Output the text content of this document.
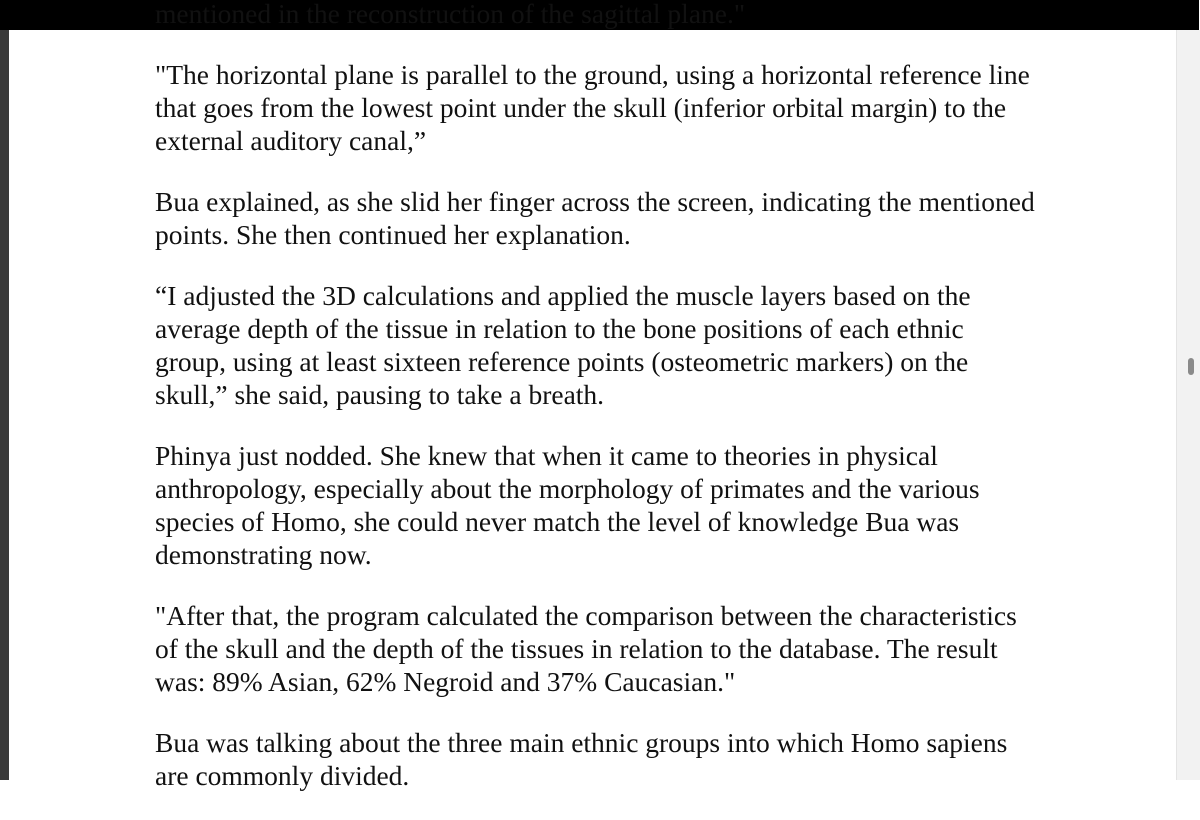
mentioned in the reconstruction of the sagittal plane."

"The horizontal plane is parallel to the ground, using a horizontal reference line that goes from the lowest point under the skull (inferior orbital margin) to the external auditory canal,”

Bua explained, as she slid her finger across the screen, indicating the mentioned points. She then continued her explanation.

“I adjusted the 3D calculations and applied the muscle layers based on the average depth of the tissue in relation to the bone positions of each ethnic group, using at least sixteen reference points (osteometric markers) on the skull,” she said, pausing to take a breath.

Phinya just nodded. She knew that when it came to theories in physical anthropology, especially about the morphology of primates and the various species of Homo, she could never match the level of knowledge Bua was demonstrating now.

"After that, the program calculated the comparison between the characteristics of the skull and the depth of the tissues in relation to the database. The result was: 89% Asian, 62% Negroid and 37% Caucasian."

Bua was talking about the three main ethnic groups into which Homo sapiens are commonly divided.
